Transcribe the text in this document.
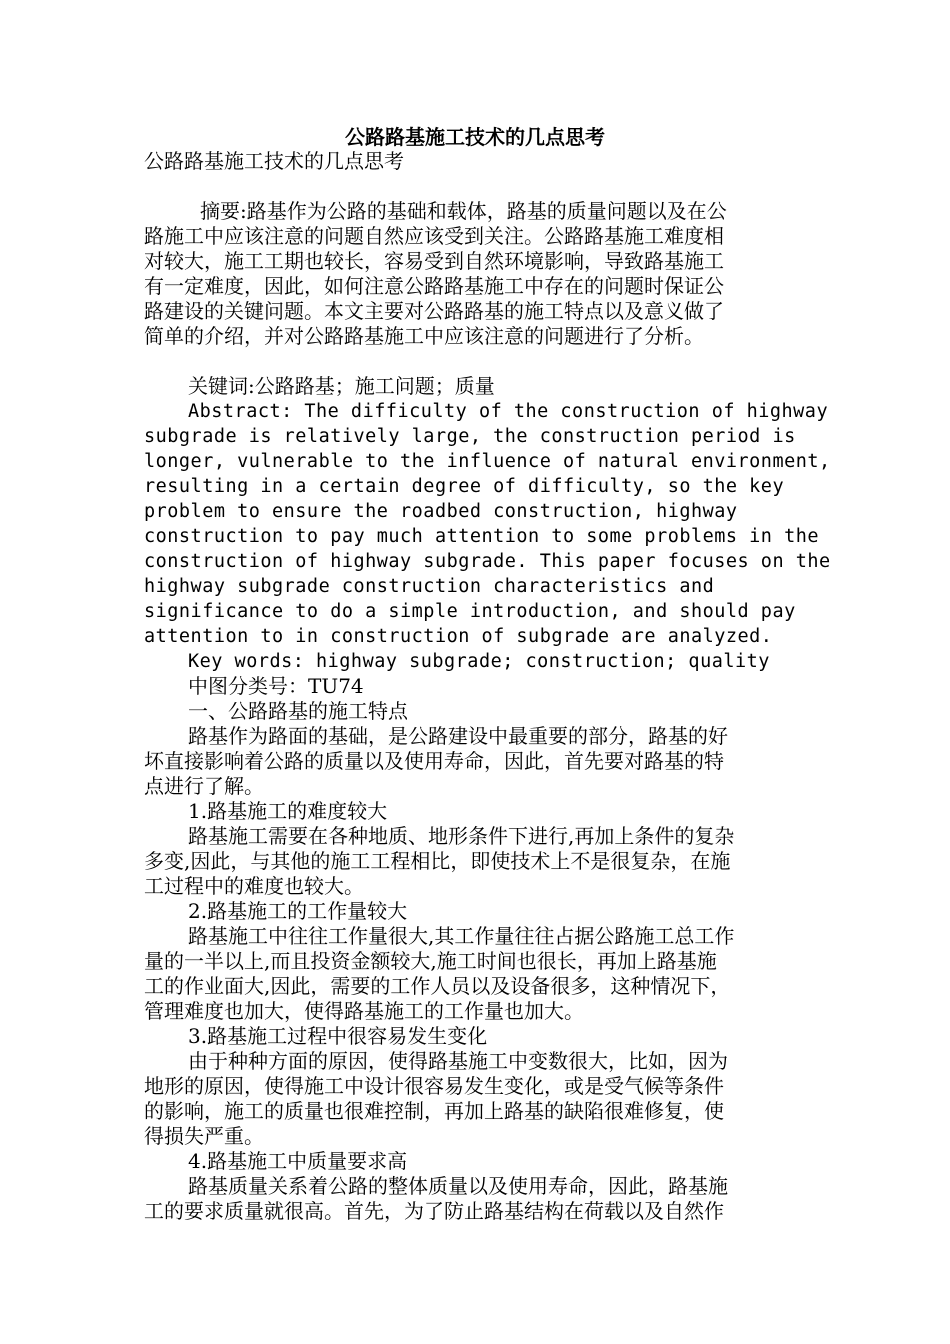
公路路基施工技术的几点思考
公路路基施工技术的几点思考
摘要:路基作为公路的基础和载体，路基的质量问题以及在公
路施工中应该注意的问题自然应该受到关注。公路路基施工难度相
对较大，施工工期也较长，容易受到自然环境影响，导致路基施工
有一定难度，因此，如何注意公路路基施工中存在的问题时保证公
路建设的关键问题。本文主要对公路路基的施工特点以及意义做了
简单的介绍，并对公路路基施工中应该注意的问题进行了分析。
关键词:公路路基；施工问题；质量
Abstract: The difficulty of the construction of highway
subgrade is relatively large, the construction period is
longer, vulnerable to the influence of natural environment,
resulting in a certain degree of difficulty, so the key
problem to ensure the roadbed construction, highway
construction to pay much attention to some problems in the
construction of highway subgrade. This paper focuses on the
highway subgrade construction characteristics and
significance to do a simple introduction, and should pay
attention to in construction of subgrade are analyzed.
Key words: highway subgrade; construction; quality
中图分类号：TU74
一、公路路基的施工特点
路基作为路面的基础，是公路建设中最重要的部分，路基的好
坏直接影响着公路的质量以及使用寿命，因此，首先要对路基的特
点进行了解。
1.路基施工的难度较大
路基施工需要在各种地质、地形条件下进行,再加上条件的复杂
多变,因此，与其他的施工工程相比，即使技术上不是很复杂，在施
工过程中的难度也较大。
2.路基施工的工作量较大
路基施工中往往工作量很大,其工作量往往占据公路施工总工作
量的一半以上,而且投资金额较大,施工时间也很长，再加上路基施
工的作业面大,因此，需要的工作人员以及设备很多，这种情况下，
管理难度也加大，使得路基施工的工作量也加大。
3.路基施工过程中很容易发生变化
由于种种方面的原因，使得路基施工中变数很大，比如，因为
地形的原因，使得施工中设计很容易发生变化，或是受气候等条件
的影响，施工的质量也很难控制，再加上路基的缺陷很难修复，使
得损失严重。
4.路基施工中质量要求高
路基质量关系着公路的整体质量以及使用寿命，因此，路基施
工的要求质量就很高。首先，为了防止路基结构在荷载以及自然作
